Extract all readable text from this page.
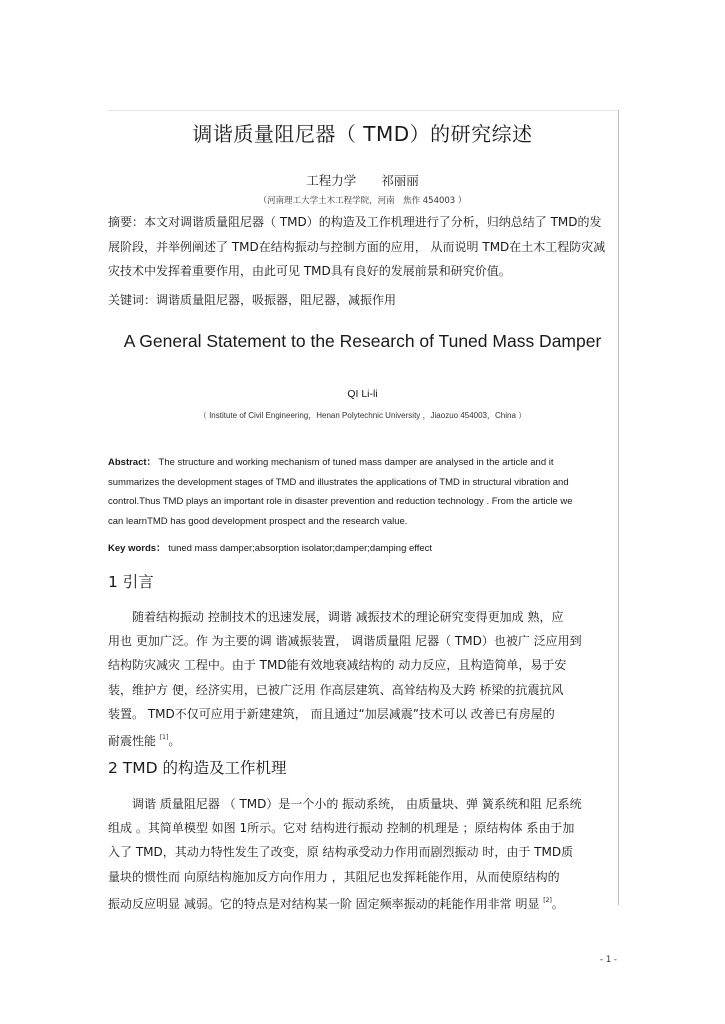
调谐质量阻尼器（ TMD）的研究综述
工程力学　　祁丽丽
（河南理工大学土木工程学院，河南　焦作 454003 ）
摘要：本文对调谐质量阻尼器（ TMD）的构造及工作机理进行了分析，归纳总结了 TMD的发
展阶段，并举例阐述了 TMD在结构振动与控制方面的应用， 从而说明 TMD在土木工程防灾减
灾技术中发挥着重要作用，由此可见 TMD具有良好的发展前景和研究价值。
关键词：调谐质量阻尼器，吸振器，阻尼器，减振作用
A General Statement to the Research of Tuned Mass Damper
QI Li-li
（ Institute of Civil Engineering，Henan Polytechnic University ，Jiaozuo 454003，China ）
Abstract： The structure and working mechanism of tuned mass damper are analysed in the article and it
summarizes the development stages of TMD and illustrates the applications of TMD in structural vibration and
control.Thus TMD plays an important role in disaster prevention and reduction technology . From the article we
can learnTMD has good development prospect and the research value.
Key words： tuned mass damper;absorption isolator;damper;damping effect
1 引言
随着结构振动 控制技术的迅速发展，调谐 减振技术的理论研究变得更加成 熟，应
用也 更加广泛。作 为主要的调 谐减振装置， 调谐质量阻 尼器（ TMD）也被广 泛应用到
结构防灾减灾 工程中。由于 TMD能有效地衰减结构的 动力反应，且构造简单，易于安
装，维护方 便，经济实用，已被广泛用 作高层建筑、高耸结构及大跨 桥梁的抗震抗风
装置。 TMD不仅可应用于新建建筑， 而且通过“加层减震”技术可以 改善已有房屋的
耐震性能 [1]。
2 TMD 的构造及工作机理
调谐 质量阻尼器 （ TMD）是一个小的 振动系统， 由质量块、弹 簧系统和阻 尼系统
组成 。其简单模型 如图 1所示。它对 结构进行振动 控制的机理是 ；原结构体 系由于加
入了 TMD，其动力特性发生了改变，原 结构承受动力作用而剧烈振动 时，由于 TMD质
量块的惯性而 向原结构施加反方向作用力 ，其阻尼也发挥耗能作用，从而使原结构的
振动反应明显 减弱。它的特点是对结构某一阶 固定频率振动的耗能作用非常 明显 [2]。
- 1 -
